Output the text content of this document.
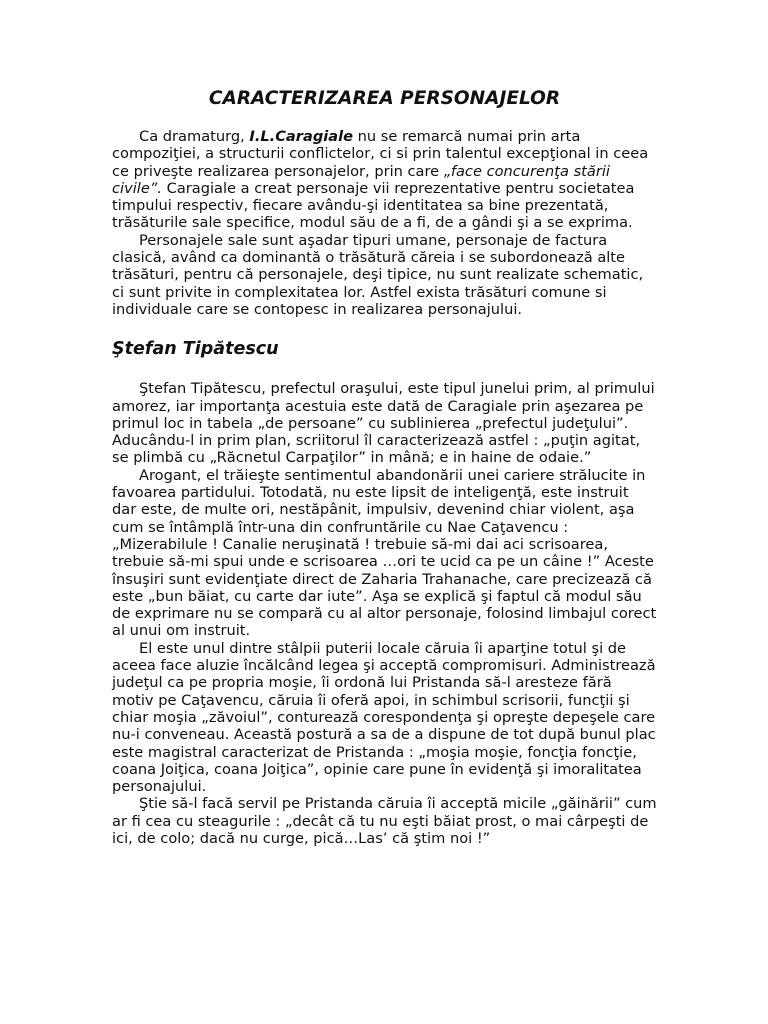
CARACTERIZAREA PERSONAJELOR

Ca dramaturg, I.L.Caragiale nu se remarcă numai prin arta compoziţiei, a structurii conflictelor, ci si prin talentul excepţional in ceea ce priveşte realizarea personajelor, prin care „face concurenţa stării civile”. Caragiale a creat personaje vii reprezentative pentru societatea timpului respectiv, fiecare avându-şi identitatea sa bine prezentată, trăsăturile sale specifice, modul său de a fi, de a gândi şi a se exprima.

Personajele sale sunt aşadar tipuri umane, personaje de factura clasică, având ca dominantă o trăsătură căreia i se subordonează alte trăsături, pentru că personajele, deşi tipice, nu sunt realizate schematic, ci sunt privite in complexitatea lor. Astfel exista trăsături comune si individuale care se contopesc in realizarea personajului.

Ştefan Tipătescu

Ştefan Tipătescu, prefectul oraşului, este tipul junelui prim, al primului amorez, iar importanţa acestuia este dată de Caragiale prin aşezarea pe primul loc in tabela „de persoane” cu sublinierea „prefectul judeţului”. Aducându-l in prim plan, scriitorul îl caracterizează astfel : „puţin agitat, se plimbă cu „Răcnetul Carpaţilor” in mână; e in haine de odaie.”

Arogant, el trăieşte sentimentul abandonării unei cariere strălucite in favoarea partidului. Totodată, nu este lipsit de inteligenţă, este instruit dar este, de multe ori, nestăpânit, impulsiv, devenind chiar violent, aşa cum se întâmplă într-una din confruntările cu Nae Caţavencu : „Mizerabilule ! Canalie neruşinată ! trebuie să-mi dai aci scrisoarea, trebuie să-mi spui unde e scrisoarea …ori te ucid ca pe un câine !” Aceste însuşiri sunt evidenţiate direct de Zaharia Trahanache, care precizează că este „bun băiat, cu carte dar iute”. Aşa se explică şi faptul că modul său de exprimare nu se compară cu al altor personaje, folosind limbajul corect al unui om instruit.

El este unul dintre stâlpii puterii locale căruia îi aparţine totul şi de aceea face aluzie încălcând legea şi acceptă compromisuri. Administrează judeţul ca pe propria moşie, îi ordonă lui Pristanda să-l aresteze fără motiv pe Caţavencu, căruia îi oferă apoi, in schimbul scrisorii, funcţii şi chiar moşia „zăvoiul”, conturează corespondenţa şi opreşte depeşele care nu-i conveneau. Această postură a sa de a dispune de tot după bunul plac este magistral caracterizat de Pristanda : „moşia moşie, foncţia foncţie, coana Joiţica, coana Joiţica”, opinie care pune în evidenţă şi imoralitatea personajului.

Ştie să-l facă servil pe Pristanda căruia îi acceptă micile „găinării” cum ar fi cea cu steagurile : „decât că tu nu eşti băiat prost, o mai cârpeşti de ici, de colo; dacă nu curge, pică…Las’ că ştim noi !”
